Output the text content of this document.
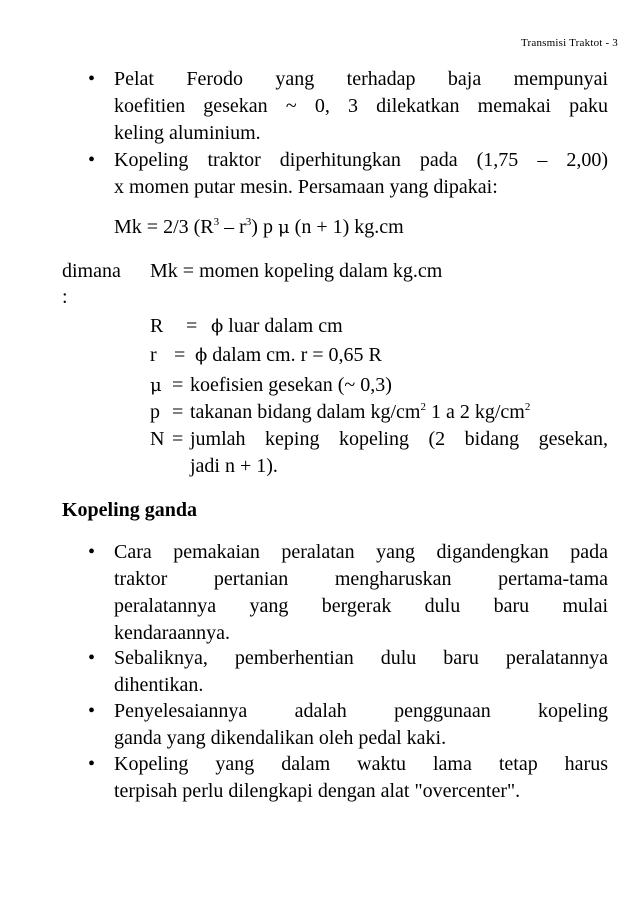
Transmisi Traktot - 3
• Pelat Ferodo yang terhadap baja mempunyai
koefitien gesekan ~ 0, 3 dilekatkan memakai paku
keling aluminium.
• Kopeling traktor diperhitungkan pada (1,75 – 2,00)
x momen putar mesin. Persamaan yang dipakai:
Mk = 2/3 $(R^3 - r^3)$ p μ (n + 1) kg.cm
dimana
:
Mk = momen kopeling dalam kg.cm
R = ϕ luar dalam cm
r = ϕ dalam cm. r = 0,65 R
μ = koefisien gesekan (~ 0,3)
p = takanan bidang dalam $kg/cm^2$ 1 a 2 $kg/cm^2$
N = jumlah keping kopeling (2 bidang gesekan,
jadi n + 1).
Kopeling ganda
• Cara pemakaian peralatan yang digandengkan pada
traktor pertanian mengharuskan pertama-tama
peralatannya yang bergerak dulu baru mulai
kendaraannya.
• Sebaliknya, pemberhentian dulu baru peralatannya
dihentikan.
• Penyelesaiannya adalah penggunaan kopeling
ganda yang dikendalikan oleh pedal kaki.
• Kopeling yang dalam waktu lama tetap harus
terpisah perlu dilengkapi dengan alat "overcenter".
